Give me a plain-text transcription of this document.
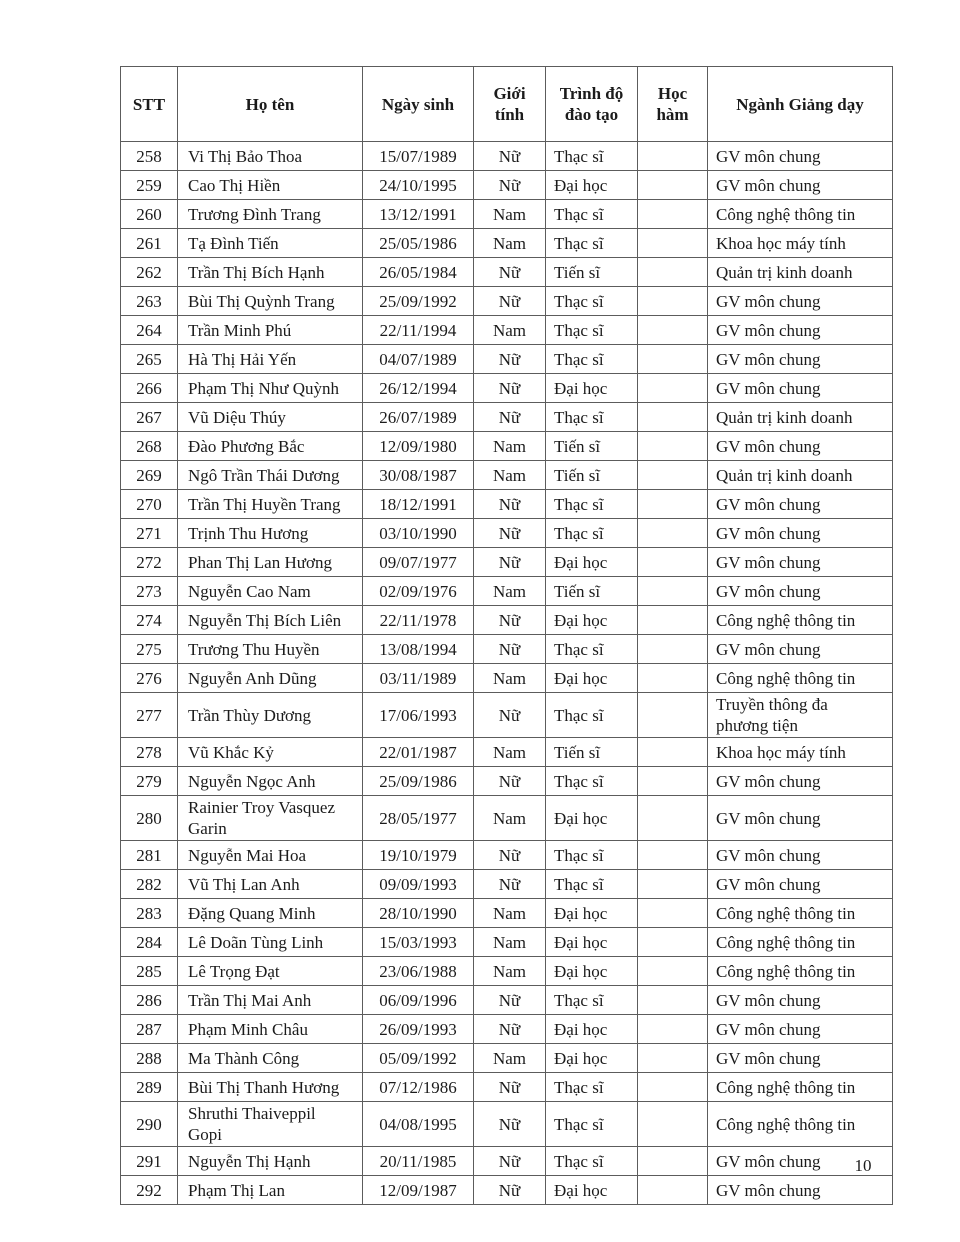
STT	Họ tên	Ngày sinh	Giới tính	Trình độ đào tạo	Học hàm	Ngành Giảng dạy
258	Vi Thị Bảo Thoa	15/07/1989	Nữ	Thạc sĩ		GV môn chung
259	Cao Thị Hiền	24/10/1995	Nữ	Đại học		GV môn chung
260	Trương Đình Trang	13/12/1991	Nam	Thạc sĩ		Công nghệ thông tin
261	Tạ Đình Tiến	25/05/1986	Nam	Thạc sĩ		Khoa học máy tính
262	Trần Thị Bích Hạnh	26/05/1984	Nữ	Tiến sĩ		Quản trị kinh doanh
263	Bùi Thị Quỳnh Trang	25/09/1992	Nữ	Thạc sĩ		GV môn chung
264	Trần Minh Phú	22/11/1994	Nam	Thạc sĩ		GV môn chung
265	Hà Thị Hải Yến	04/07/1989	Nữ	Thạc sĩ		GV môn chung
266	Phạm Thị Như Quỳnh	26/12/1994	Nữ	Đại học		GV môn chung
267	Vũ Diệu Thúy	26/07/1989	Nữ	Thạc sĩ		Quản trị kinh doanh
268	Đào Phương Bắc	12/09/1980	Nam	Tiến sĩ		GV môn chung
269	Ngô Trần Thái Dương	30/08/1987	Nam	Tiến sĩ		Quản trị kinh doanh
270	Trần Thị Huyền Trang	18/12/1991	Nữ	Thạc sĩ		GV môn chung
271	Trịnh Thu Hương	03/10/1990	Nữ	Thạc sĩ		GV môn chung
272	Phan Thị Lan Hương	09/07/1977	Nữ	Đại học		GV môn chung
273	Nguyễn Cao Nam	02/09/1976	Nam	Tiến sĩ		GV môn chung
274	Nguyễn Thị Bích Liên	22/11/1978	Nữ	Đại học		Công nghệ thông tin
275	Trương Thu Huyền	13/08/1994	Nữ	Thạc sĩ		GV môn chung
276	Nguyễn Anh Dũng	03/11/1989	Nam	Đại học		Công nghệ thông tin
277	Trần Thùy Dương	17/06/1993	Nữ	Thạc sĩ		Truyền thông đa phương tiện
278	Vũ Khắc Kỷ	22/01/1987	Nam	Tiến sĩ		Khoa học máy tính
279	Nguyễn Ngọc Anh	25/09/1986	Nữ	Thạc sĩ		GV môn chung
280	Rainier Troy Vasquez Garin	28/05/1977	Nam	Đại học		GV môn chung
281	Nguyễn Mai Hoa	19/10/1979	Nữ	Thạc sĩ		GV môn chung
282	Vũ Thị Lan Anh	09/09/1993	Nữ	Thạc sĩ		GV môn chung
283	Đặng Quang Minh	28/10/1990	Nam	Đại học		Công nghệ thông tin
284	Lê Doãn Tùng Linh	15/03/1993	Nam	Đại học		Công nghệ thông tin
285	Lê Trọng Đạt	23/06/1988	Nam	Đại học		Công nghệ thông tin
286	Trần Thị Mai Anh	06/09/1996	Nữ	Thạc sĩ		GV môn chung
287	Phạm Minh Châu	26/09/1993	Nữ	Đại học		GV môn chung
288	Ma Thành Công	05/09/1992	Nam	Đại học		GV môn chung
289	Bùi Thị Thanh Hương	07/12/1986	Nữ	Thạc sĩ		Công nghệ thông tin
290	Shruthi Thaiveppil Gopi	04/08/1995	Nữ	Thạc sĩ		Công nghệ thông tin
291	Nguyễn Thị Hạnh	20/11/1985	Nữ	Thạc sĩ		GV môn chung
292	Phạm Thị Lan	12/09/1987	Nữ	Đại học		GV môn chung
10
